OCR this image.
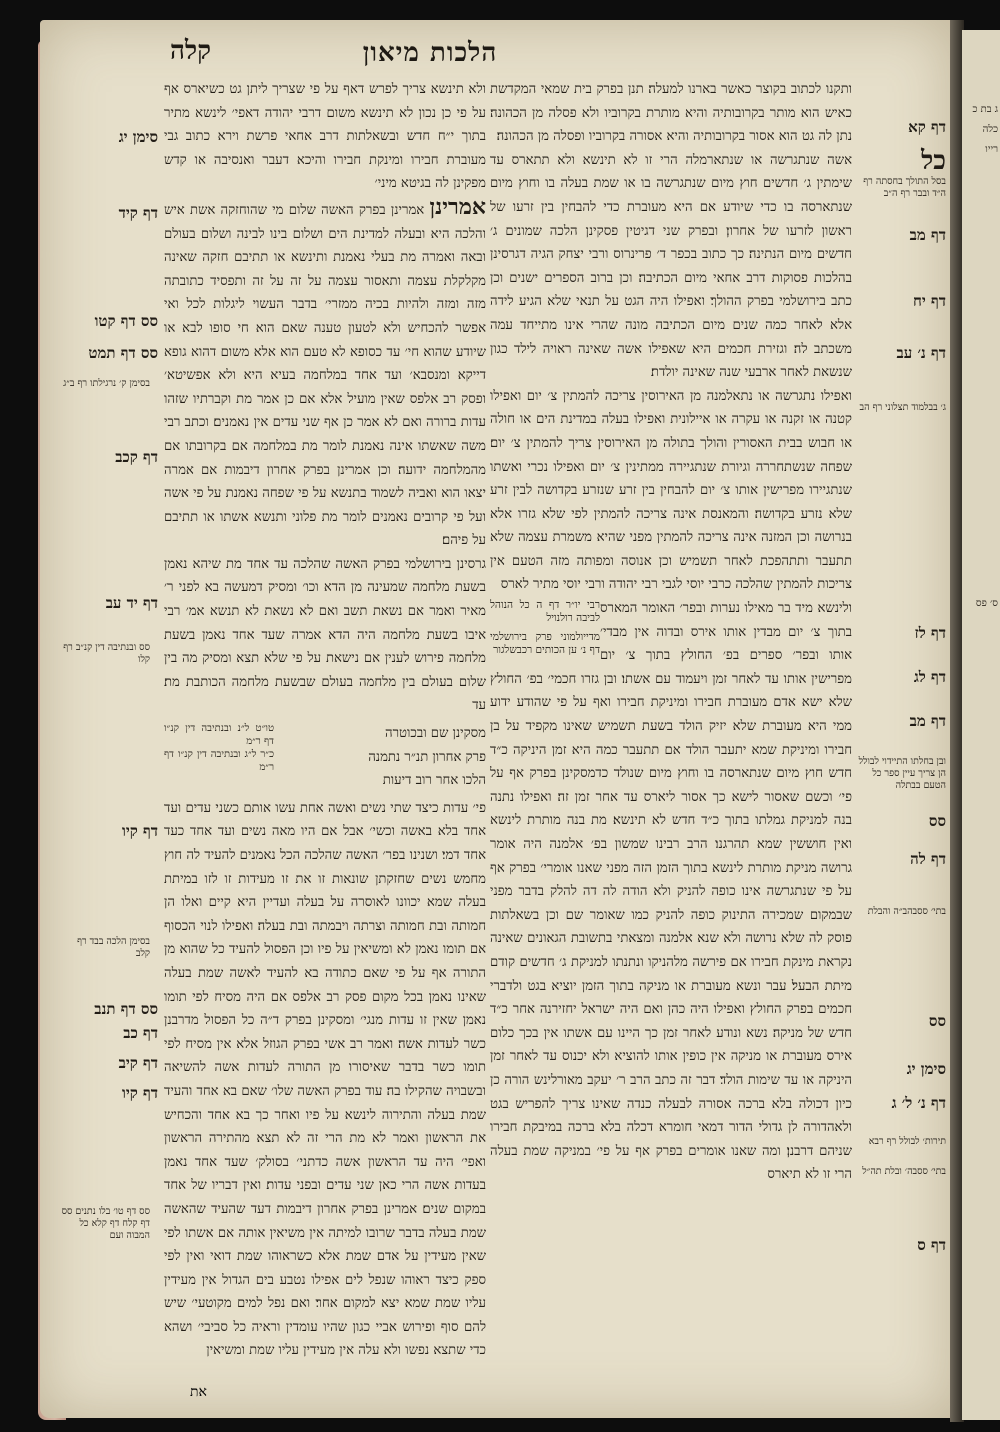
ג בת כ
כלה
רייו
ס׳ פס
הלכות מיאון
קלה

ותקנו לכתוב בקוצר כאשר בארנו למעלה׃ תנן בפרק בית שמאי המקדשת כאיש הוא מותר בקרובותיה והיא מותרת בקרוביו ולא פסלה מן הכהונה׃ נתן לה גט הוא אסור בקרובותיה והיא אסורה בקרוביו ופסלה מן הכהונה׃

אשה שנתגרשה או שנתארמלה הרי זו לא תינשא ולא תתארס עד שימתין ג׳ חדשים חוץ מיום שנתגרשה בו או שמת בעלה בו וחוץ מיום שנתארסה בו כדי שיודע אם היא מעוברת כדי להבחין בין זרעו של ראשון לזרעו של אחרון׃ ובפרק שני דגיטין פסקינן הלכה שמונים ג׳ חדשים מיום הנתינה׃ כך כתוב בכפר ד׳ פרינרוס ורבי יצחק הגיה דגרסינן בהלכות פסוקות דרב אחאי מיום הכתיבה׃ וכן ברוב הספרים ישנים וכן כתב בירושלמי בפרק ההולך׃ ואפילו היה הגט על תנאי שלא הגיע לידה אלא לאחר כמה שנים מיום הכתיבה מונה שהרי אינו מתייחד עמה משכתב לה׃ וגזירת חכמים היא שאפילו אשה שאינה ראויה לילד כגון שנשאת לאחר ארבעי שנה שאינה יולדת׃

ואפילו נתגרשה או נתאלמנה מן האירוסין צריכה להמתין צ׳ יום ואפילו קטנה או זקנה או עקרה או איילונית ואפילו בעלה במדינת הים או חולה או חבוש בבית האסורין והולך בתולה מן האירוסין צריך להמתין צ׳ יום׃ שפחה שנשתחררה וגיורת שנתגיירה ממתינין צ׳ יום ואפילו נכרי ואשתו שנתגיירו מפרישין אותו צ׳ יום להבחין בין זרע שנזרע בקדושה לבין זרע שלא נזרע בקדושה׃ והמאנסת אינה צריכה להמתין לפי שלא גזרו אלא בנרושה וכן המזנה אינה צריכה להמתין מפני שהיא משמרת עצמה שלא תתעבר ותתהפכת לאחר תשמיש וכן אנוסה ומפותה מזה הטעם אין צריכות להמתין שהלכה כרבי יוסי לגבי רבי יהודה ורבי יוסי מתיר לארס

רבי יו״ר דף ה כל הנוהל לביבה רולנויל
מדייולמוני פרק בירושלמי דף נ׳ ען הכותים רכבשלגור

ולינשא מיד בר מאילו נערות ובפר׳ האומר המארס בתוך צ׳ יום מבדין אותו אירס ובדוה אין מבדי׳ אותו ובפר׳ ספרים בפ׳ החולץ בתוך צ׳ יום מפרישין אותו עד לאחר זמן ויעמוד עם אשתו׃ ובן גזרו חכמי׳ בפ׳ החולץ שלא ישא אדם מעוברת חבירו ומיניקת חבירו ואף על פי שהודע ידוע ממי היא מעוברת שלא יזיק הולד בשעת תשמיש שאינו מקפיד על בן חבירו ומיניקת שמא יתעבר הולד אם תתעבר כמה היא זמן היניקה כ״ד חדש חוץ מיום שנתארסה בו וחוץ מיום שנולד כדמסקינן בפרק אף על פי׳ וכשם שאסור לישא כך אסור ליארס עד אחר זמן זה׃ ואפילו נתנה בנה למניקת גמלתו בתוך כ״ד חדש לא תינשא׃ מת בנה מותרת לינשא ואין חוששין שמא תהרגנו׃ הרב רבינו שמשון בפ׳ אלמנה היה אומר גרושה מניקת מותרת לינשא בתוך הזמן הזה מפני שאנו אומרי׳ בפרק אף על פי שנתגרשה אינו כופה להניק ולא הודה לה דה להלק בדבר מפני שבמקום שמכירה התינוק כופה להניק כמו שאומר שם וכן בשאלתות פוסק לה שלא נרושה ולא שנא אלמנה ומצאתי בתשובת הגאונים שאינה נקראת מינקת חבירו אם פירשה מלהניקו ונתנתו למניקת ג׳ חדשים קודם מיתת הבעל׃ עבר ונשא מעוברת או מניקה בתוך הזמן יוציא בגט ולדברי חכמים בפרק החולץ ואפילו היה כהן ואם היה ישראל יחזירנה אחר כ״ד חדש של מניקה׃ נשא ונודע לאחר זמן כך היינו עם אשתו אין בכך כלום אירס מעוברת או מניקה אין כופין אותו להוציא ולא יכנוס עד לאחר זמן היניקה או עד שימות הולד׃ דבר זה כתב הרב ר׳ יעקב מאורלינש הורה כן כיון דכולה בלא ברכה אסורה לבעלה כנדה שאינו צריך להפריש בגט ולאהדורה לן גדולי הדור דמאי חומרא דכלה בלא ברכה במיבקת חבירו שניהם דרבנן׃ ומה שאנו אומרים בפרק אף על פי׳ במניקה שמת בעלה הרי זו לא תיארס

ולא תינשא צריך לפרש דאף על פי שצריך ליתן גט כשיארס אף על פי כן נכון לא תינשא משום דרבי יהודה דאפי׳ לינשא מתיר בתוך י״ח חדש ובשאלתות דרב אחאי פרשת וירא כתוב גבי מעוברת חבירו ומינקת חבירו והיכא דעבר ואנסיבה או קדש מפקינן לה בגיטא מיני׳

אמרינן אמרינן בפרק האשה שלום מי שהוחזקה אשת איש והלכה היא ובעלה למדינת הים ושלום בינו לבינה ושלום בעולם ובאה ואמרה מת בעלי נאמנת ותינשא או תתיבם חזקה שאינה מקלקלת עצמה ותאסור עצמה על זה על זה ותפסיד כתובתה מזה ומזה ולהיות בכיה ממזרי׳ בדבר העשוי ליגלות לכל ואי אפשר להכחיש ולא לטעון טענה שאם הוא חי סופו לבא או שיודע שהוא חי׳ עד כסופא לא טעם הוא אלא משום דהוא גופא דייקא ומנסבא׳ ועד אחד במלחמה בעיא היא ולא אפשיטא׳ ופסק רב אלפס שאין מועיל אלא אם כן אמר מת וקברתיו שזהו עדות ברורה ואם לא אמר כן אף שני עדים אין נאמנים׃ וכתב רבי משה שאשתו אינה נאמנת לומר מת במלחמה אם בקרובתו אם מהמלחמה ידועה׃ וכן אמרינן בפרק אחרון דיבמות אם אמרה יצאו הוא ואביה לשמוד בתנשא על פי שפחה נאמנת על פי אשה ועל פי קרובים נאמנים לומר מת פלוני ותנשא אשתו או תתיבם על פיהם׃

גרסינן בירושלמי בפרק האשה שהלכה עד אחד מת שיהא נאמן בשעת מלחמה שמעינה מן הדא וכו׳ ומסיק דמעשה בא לפני ר׳ מאיר ואמר אם נשאת תשב ואם לא נשאת לא תנשא אמ׳ רבי איבו בשעת מלחמה היה הדא אמרה שעד אחד נאמן בשעת מלחמה פירוש לענין אם נישאת על פי שלא תצא ומסיק מה בין שלום בעולם בין מלחמה בעולם שבשעת מלחמה הכותבת מת׃ עד

מסקינן שם ובכוטרה
פרק אחרון תנ״ר נתמנה
הלכו אחר רוב דיעות
טו״ט ל״נ ובנתיבה דין קנ״ו דף ר״מ
כ״ר ל״ג ובנתיבה דין קנ״ו דף ר״מ

פי׳ עדות כיצד שתי נשים ואשה אחת עשו אותם כשני עדים ועד אחד בלא באשה וכשי׳ אבל אם היו מאה נשים ועד אחד כעד אחד דמי׃ ושנינו בפר׳ האשה שהלכה הכל נאמנים להעיד לה חוץ מחמש נשים שחזקתן שונאות זו את זו מעידות זו לזו במיתת בעלה שמא יכוונו לאוסרה על בעלה ועדיין היא קיים ואלו הן חמותה ובת חמותה וצרתה ויבמתה ובת בעלה׃ ואפילו לנוי הכסוף אם תומו נאמן לא ומשיאין על פיו וכן הפסול להעיד כל שהוא מן התורה אף על פי שאם כתודה בא להעיד לאשה שמת בעלה שאינו נאמן בכל מקום פסק רב אלפס אם היה מסיח לפי תומו נאמן שאין זו עדות מנגי׳ ומסקינן בפרק ד״ה כל הפסול מדרבנן כשר לעדות אשה׃ ואמר רב אשי בפרק הגוזל אלא אין מסיח לפי תומו כשר בדבר שאיסורו מן התורה לעדות אשה להשיאה ובשבויה שהקילו בה׃ עוד בפרק האשה שלו׳ שאם בא אחד והעיד שמת בעלה והתירוה לינשא על פיו ואחר כך בא אחד והכחיש את הראשון ואמר לא מת הרי זה לא תצא מהתירה הראשון ואפי׳ היה עד הראשון אשה כדתני׳ בסולק׳ שעד אחד נאמן בעדות אשה הרי כאן שני עדים ובפני עדות׃ ואין דבריו של אחד במקום שנים׃ אמרינן בפרק אחרון דיבמות דעד שהעיד שהאשה שמת בעלה בדבר שרובו למיתה אין משיאין אותה אם אשתו לפי שאין מעידין על אדם שמת אלא כשראוהו שמת דואי ואין לפי ספק כיצד ראוהו שנפל לים אפילו נטבע בים הגדול אין מעידין עליו שמת שמא יצא למקום אחר׃ ואם נפל למים מקוטעי׳ שיש להם סוף ופירוש אביי כגון שהיו עומדין וראיה כל סביבי׳ ושהא כדי שתצא נפשו ולא עלה אין מעידין עליו שמת ומשיאין

את
דף קא
כל
דף מב
דף יח
דף נ׳ עב
דף לז
דף לג
דף מב
סס
דף לה
סס
סימן יג
דף נ׳ ל׳ ג
דף ס
בסל התולך בחסתה רף ה״ד ובבר רף ה״ב
ג׳ בבלמוד תצלוני רף הב
ובן בחלתו התיידוי לבולל הן צריך עיין ספר כל הטעם בבתלה
בתי׳ ססבהב״ה והבלת
תירות׳ לבולל רף רבא
בתי׳ ססבה׳ ובלת תה״ל
סימן יג
דף קיד
סס דף קטו
סס דף תמט
דף קכב
דף יד עב
דף קיו
סס דף תנב
דף כב
דף קיב
דף קיו
בסימן ק׳ נרגילתו רף ב״ג
סס ובנתיבה דין קנ״ב רף קלו
בסימן הלכה בבד רף קלב
סס דף טו׳ בלו נתנים סס דף קלח דף קלא כל המבוה ועם
